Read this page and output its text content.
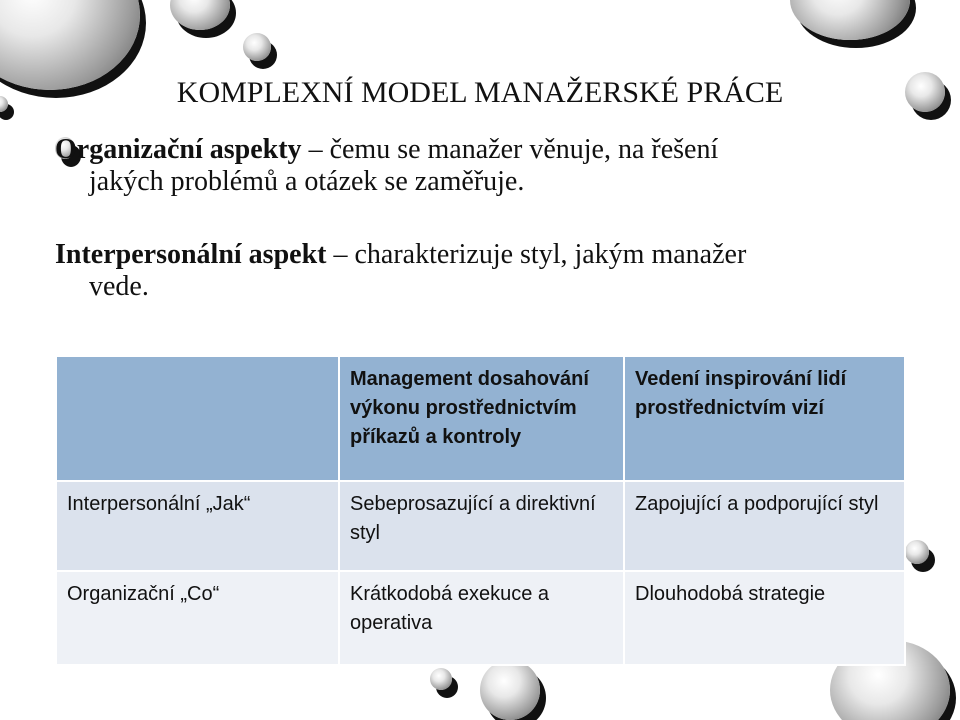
KOMPLEXNÍ MODEL MANAŽERSKÉ PRÁCE
Organizační aspekty – čemu se manažer věnuje, na řešení
jakých problémů a otázek se zaměřuje.
Interpersonální aspekt – charakterizuje styl, jakým manažer
vede.
	Management dosahování výkonu prostřednictvím příkazů a kontroly	Vedení inspirování lidí prostřednictvím vizí
Interpersonální „Jak“	Sebeprosazující a direktivní styl	Zapojující a podporující styl
Organizační „Co“	Krátkodobá exekuce a operativa	Dlouhodobá strategie
